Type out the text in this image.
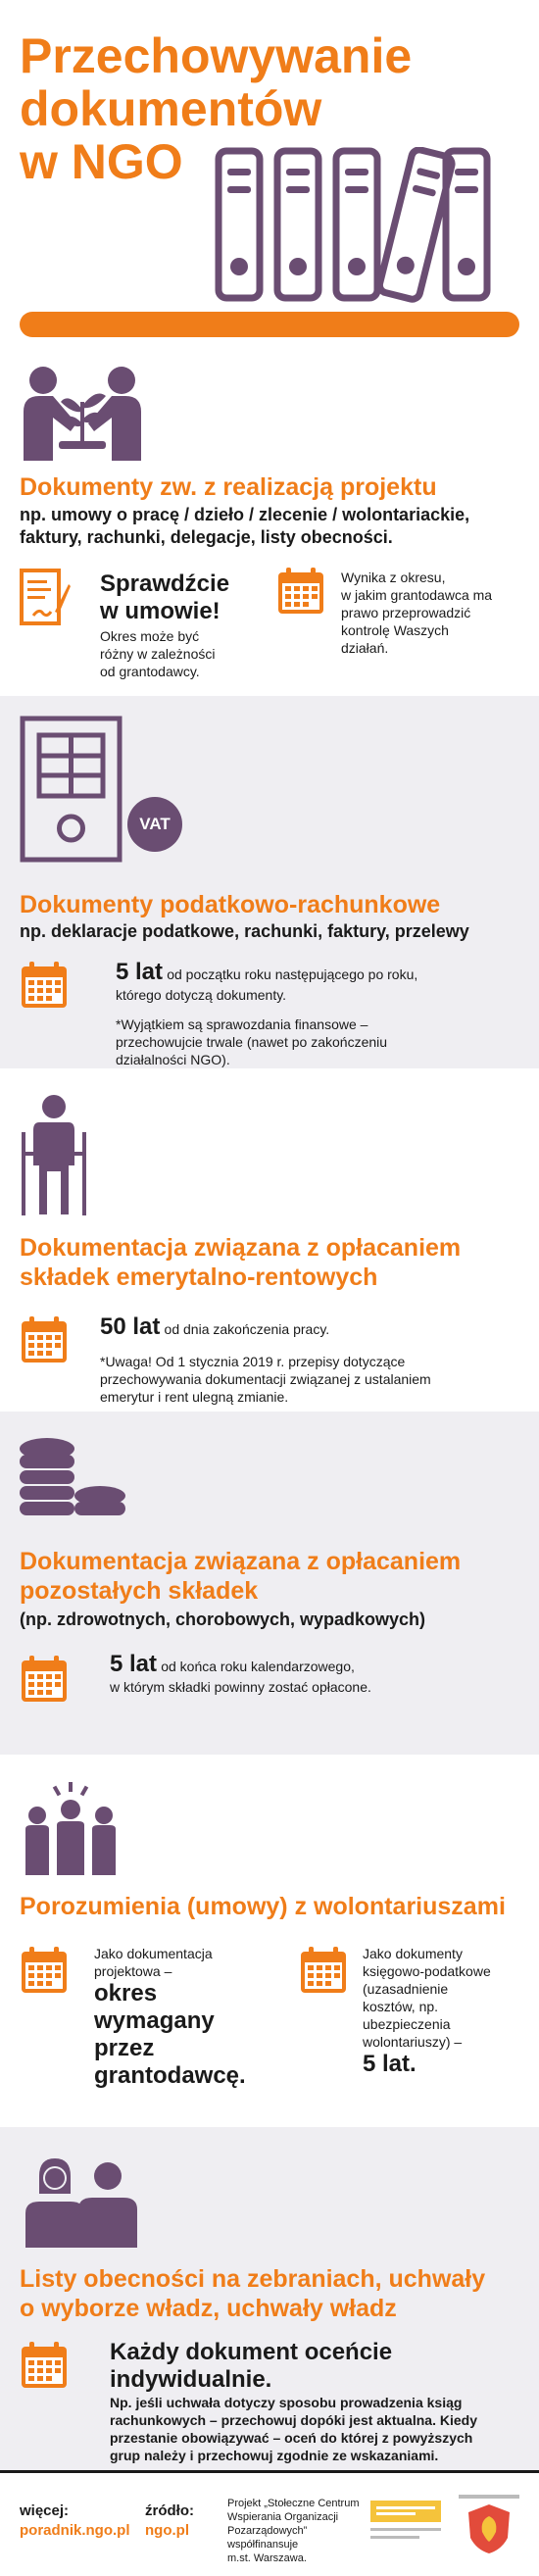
Przechowywanie
dokumentów
w NGO
Dokumenty zw. z realizacją projektu
np. umowy o pracę / dzieło / zlecenie / wolontariackie,
faktury, rachunki, delegacje, listy obecności.
Sprawdźcie
w umowie!
Okres może być
różny w zależności
od grantodawcy.
Wynika z okresu,
w jakim grantodawca ma
prawo przeprowadzić
kontrolę Waszych
działań.
VAT
Dokumenty podatkowo-rachunkowe
np. deklaracje podatkowe, rachunki, faktury, przelewy
5 lat od początku roku następującego po roku,
którego dotyczą dokumenty.
*Wyjątkiem są sprawozdania finansowe –
przechowujcie trwale (nawet po zakończeniu
działalności NGO).
Dokumentacja związana z opłacaniem
składek emerytalno-rentowych
50 lat od dnia zakończenia pracy.
*Uwaga! Od 1 stycznia 2019 r. przepisy dotyczące
przechowywania dokumentacji związanej z ustalaniem
emerytur i rent ulegną zmianie.
Dokumentacja związana z opłacaniem
pozostałych składek
(np. zdrowotnych, chorobowych, wypadkowych)
5 lat od końca roku kalendarzowego,
w którym składki powinny zostać opłacone.
Porozumienia (umowy) z wolontariuszami
Jako dokumentacja
projektowa –
okres
wymagany
przez
grantodawcę.
Jako dokumenty
księgowo-podatkowe
(uzasadnienie
kosztów, np.
ubezpieczenia
wolontariuszy) –
5 lat.
Listy obecności na zebraniach, uchwały
o wyborze władz, uchwały władz
Każdy dokument oceńcie
indywidualnie.
Np. jeśli uchwała dotyczy sposobu prowadzenia ksiąg
rachunkowych – przechowuj dopóki jest aktualna. Kiedy
przestanie obowiązywać – oceń do której z powyższych
grup należy i przechowuj zgodnie ze wskazaniami.
więcej:
poradnik.ngo.pl
źródło:
ngo.pl
Projekt „Stołeczne Centrum
Wspierania Organizacji
Pozarządowych”
współfinansuje
m.st. Warszawa.
